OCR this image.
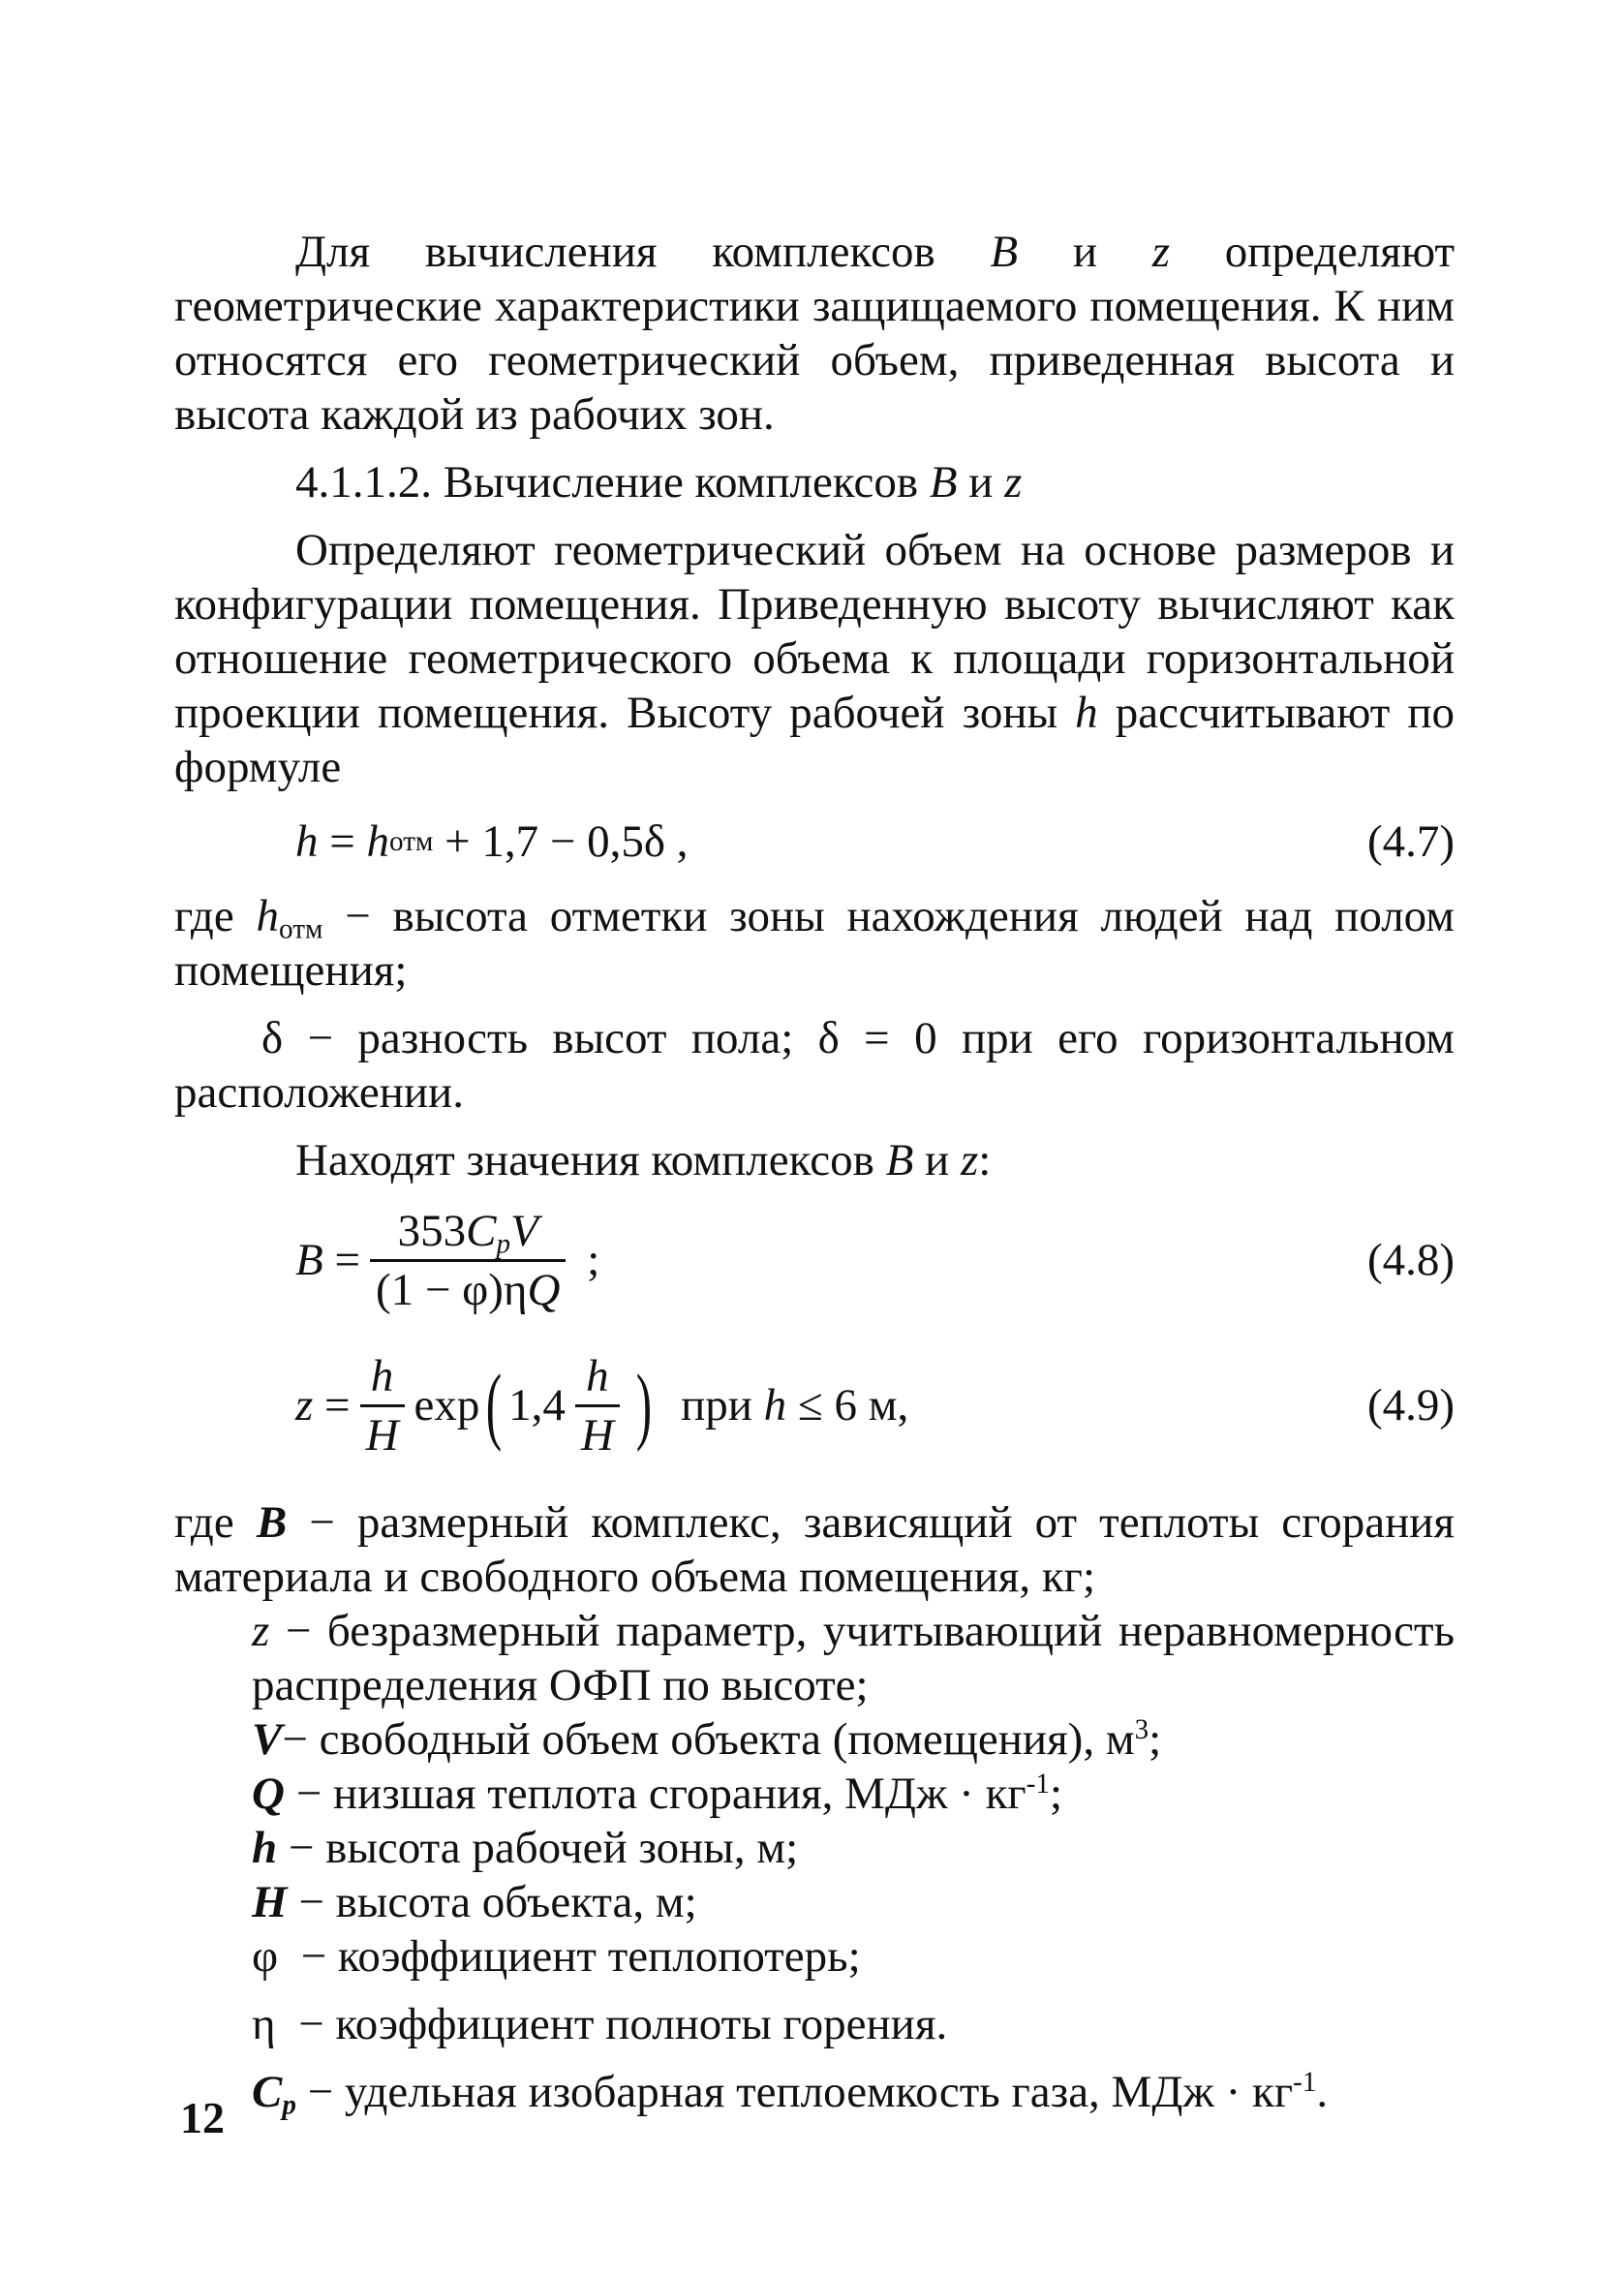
Для вычисления комплексов B и z определяют геометрические характеристики защищаемого помещения. К ним относятся его геометрический объем, приведенная высота и высота каждой из рабочих зон.

4.1.1.2. Вычисление комплексов B и z

Определяют геометрический объем на основе размеров и конфигурации помещения. Приведенную высоту вычисляют как отношение геометрического объема к площади горизонтальной проекции помещения. Высоту рабочей зоны h рассчитывают по формуле

h = h отм + 1,7 − 0,5δ ,	(4.7)

где $h_{отм}$ − высота отметки зоны нахождения людей над полом помещения;

δ − разность высот пола; δ = 0 при его горизонтальном расположении.

Находят значения комплексов B и z:

$B = \frac{353C_pV}{(1 - \varphi)\eta Q}$ ;	(4.8)
$z = \frac{h}{H}$ exp ( $1,4 \frac{h}{H}$ ) при h ≤ 6 м,	(4.9)

где B − размерный комплекс, зависящий от теплоты сгорания материала и свободного объема помещения, кг;

z − безразмерный параметр, учитывающий неравномерность распределения ОФП по высоте;

V− свободный объем объекта (помещения), $м^3$;

Q − низшая теплота сгорания, МДж · $кг^{-1}$;

h − высота рабочей зоны, м;

H − высота объекта, м;

φ  − коэффициент теплопотерь;

η  − коэффициент полноты горения.

$C_p$ − удельная изобарная теплоемкость газа, МДж · $кг^{-1}$.

12
